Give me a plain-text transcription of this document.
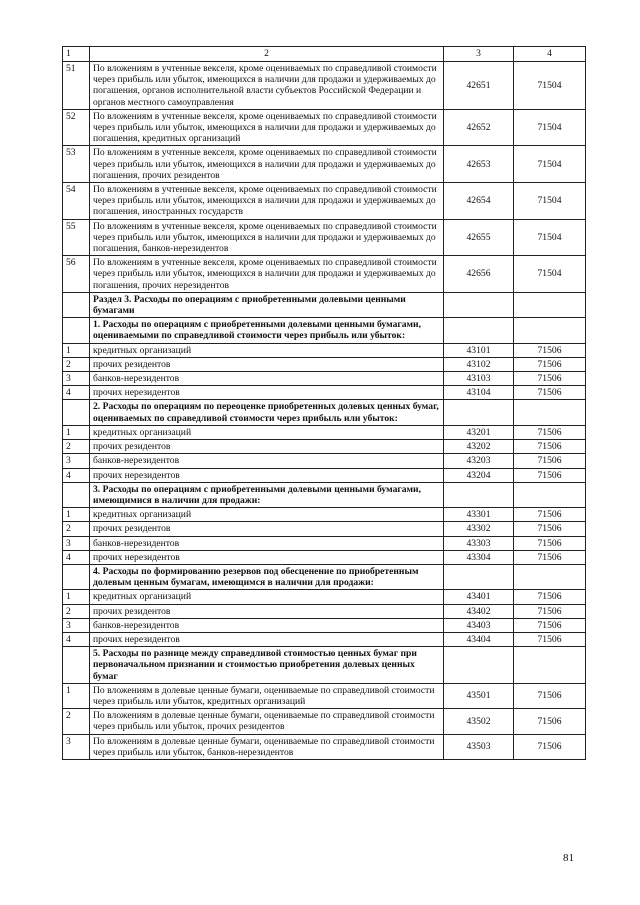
1	2	3	4
51	По вложениям в учтенные векселя, кроме оцениваемых по справедливой стоимости через прибыль или убыток, имеющихся в наличии для продажи и удерживаемых до погашения, органов исполнительной власти субъектов Российской Федерации и органов местного самоуправления	42651	71504
52	По вложениям в учтенные векселя, кроме оцениваемых по справедливой стоимости через прибыль или убыток, имеющихся в наличии для продажи и удерживаемых до погашения, кредитных организаций	42652	71504
53	По вложениям в учтенные векселя, кроме оцениваемых по справедливой стоимости через прибыль или убыток, имеющихся в наличии для продажи и удерживаемых до погашения, прочих резидентов	42653	71504
54	По вложениям в учтенные векселя, кроме оцениваемых по справедливой стоимости через прибыль или убыток, имеющихся в наличии для продажи и удерживаемых до погашения, иностранных государств	42654	71504
55	По вложениям в учтенные векселя, кроме оцениваемых по справедливой стоимости через прибыль или убыток, имеющихся в наличии для продажи и удерживаемых до погашения, банков-нерезидентов	42655	71504
56	По вложениям в учтенные векселя, кроме оцениваемых по справедливой стоимости через прибыль или убыток, имеющихся в наличии для продажи и удерживаемых до погашения, прочих нерезидентов	42656	71504
	Раздел 3. Расходы по операциям с приобретенными долевыми ценными бумагами		
	1. Расходы по операциям с приобретенными долевыми ценными бумагами, оцениваемыми по справедливой стоимости через прибыль или убыток:		
1	кредитных организаций	43101	71506
2	прочих резидентов	43102	71506
3	банков-нерезидентов	43103	71506
4	прочих нерезидентов	43104	71506
	2. Расходы по операциям по переоценке приобретенных долевых ценных бумаг, оцениваемых по справедливой стоимости через прибыль или убыток:		
1	кредитных организаций	43201	71506
2	прочих резидентов	43202	71506
3	банков-нерезидентов	43203	71506
4	прочих нерезидентов	43204	71506
	3. Расходы по операциям с приобретенными долевыми ценными бумагами, имеющимися в наличии для продажи:		
1	кредитных организаций	43301	71506
2	прочих резидентов	43302	71506
3	банков-нерезидентов	43303	71506
4	прочих нерезидентов	43304	71506
	4. Расходы по формированию резервов под обесценение по приобретенным долевым ценным бумагам, имеющимся в наличии для продажи:		
1	кредитных организаций	43401	71506
2	прочих резидентов	43402	71506
3	банков-нерезидентов	43403	71506
4	прочих нерезидентов	43404	71506
	5. Расходы по разнице между справедливой стоимостью ценных бумаг при первоначальном признании и стоимостью приобретения долевых ценных бумаг		
1	По вложениям в долевые ценные бумаги, оцениваемые по справедливой стоимости через прибыль или убыток, кредитных организаций	43501	71506
2	По вложениям в долевые ценные бумаги, оцениваемые по справедливой стоимости через прибыль или убыток, прочих резидентов	43502	71506
3	По вложениям в долевые ценные бумаги, оцениваемые по справедливой стоимости через прибыль или убыток, банков-нерезидентов	43503	71506
81
